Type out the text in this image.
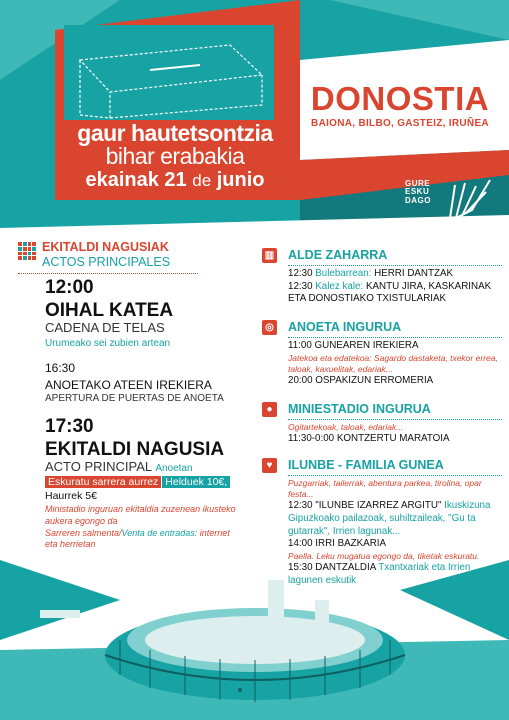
gaur hautetsontzia
bihar erabakia
ekainak 21 de junio
DONOSTIA
BAIONA, BILBO, GASTEIZ, IRUÑEA
GURE
ESKU
DAGO
EKITALDI NAGUSIAK
ACTOS PRINCIPALES
12:00
OIHAL KATEA
CADENA DE TELAS
Urumeako sei zubien artean
16:30
ANOETAKO ATEEN IREKIERA
APERTURA DE PUERTAS DE ANOETA
17:30
EKITALDI NAGUSIA
ACTO PRINCIPAL Anoetan
Eskuratu sarrera aurrez Helduek 10€,
Haurrek 5€
Ministadio inguruan ekitaldia zuzenean ikusteko aukera egongo da
Sarreren salmenta/Venta de entradas: internet eta herrietan
▥ ALDE ZAHARRA
12:30 Bulebarrean: HERRI DANTZAK
12:30 Kalez kale: KANTU JIRA, KASKARINAK ETA DONOSTIAKO TXISTULARIAK
◎ ANOETA INGURUA
11:00 GUNEAREN IREKIERA
Jatekoa eta edatekoa: Sagardo dastaketa, txekor errea, taloak, kaxuelitak, edariak...
20:00 OSPAKIZUN ERROMERIA
●	MINIESTADIO INGURUA
Ogitartekoak, taloak, edariak...
11:30-0:00 KONTZERTU MARATOIA
♥	ILUNBE - FAMILIA GUNEA
Puzgarriak, tailerrak, abentura parkea, tirolina, opar festa...
12:30 "ILUNBE IZARREZ ARGITU" Ikuskizuna Gipuzkoako pailazoak, suhiltzaileak, "Gu ta gutarrak", Irrien lagunak...
14:00 IRRI BAZKARIA
Paella. Leku mugatua egongo da, tiketak eskuratu.
15:30 DANTZALDIA Txantxariak eta Irrien lagunen eskutik
